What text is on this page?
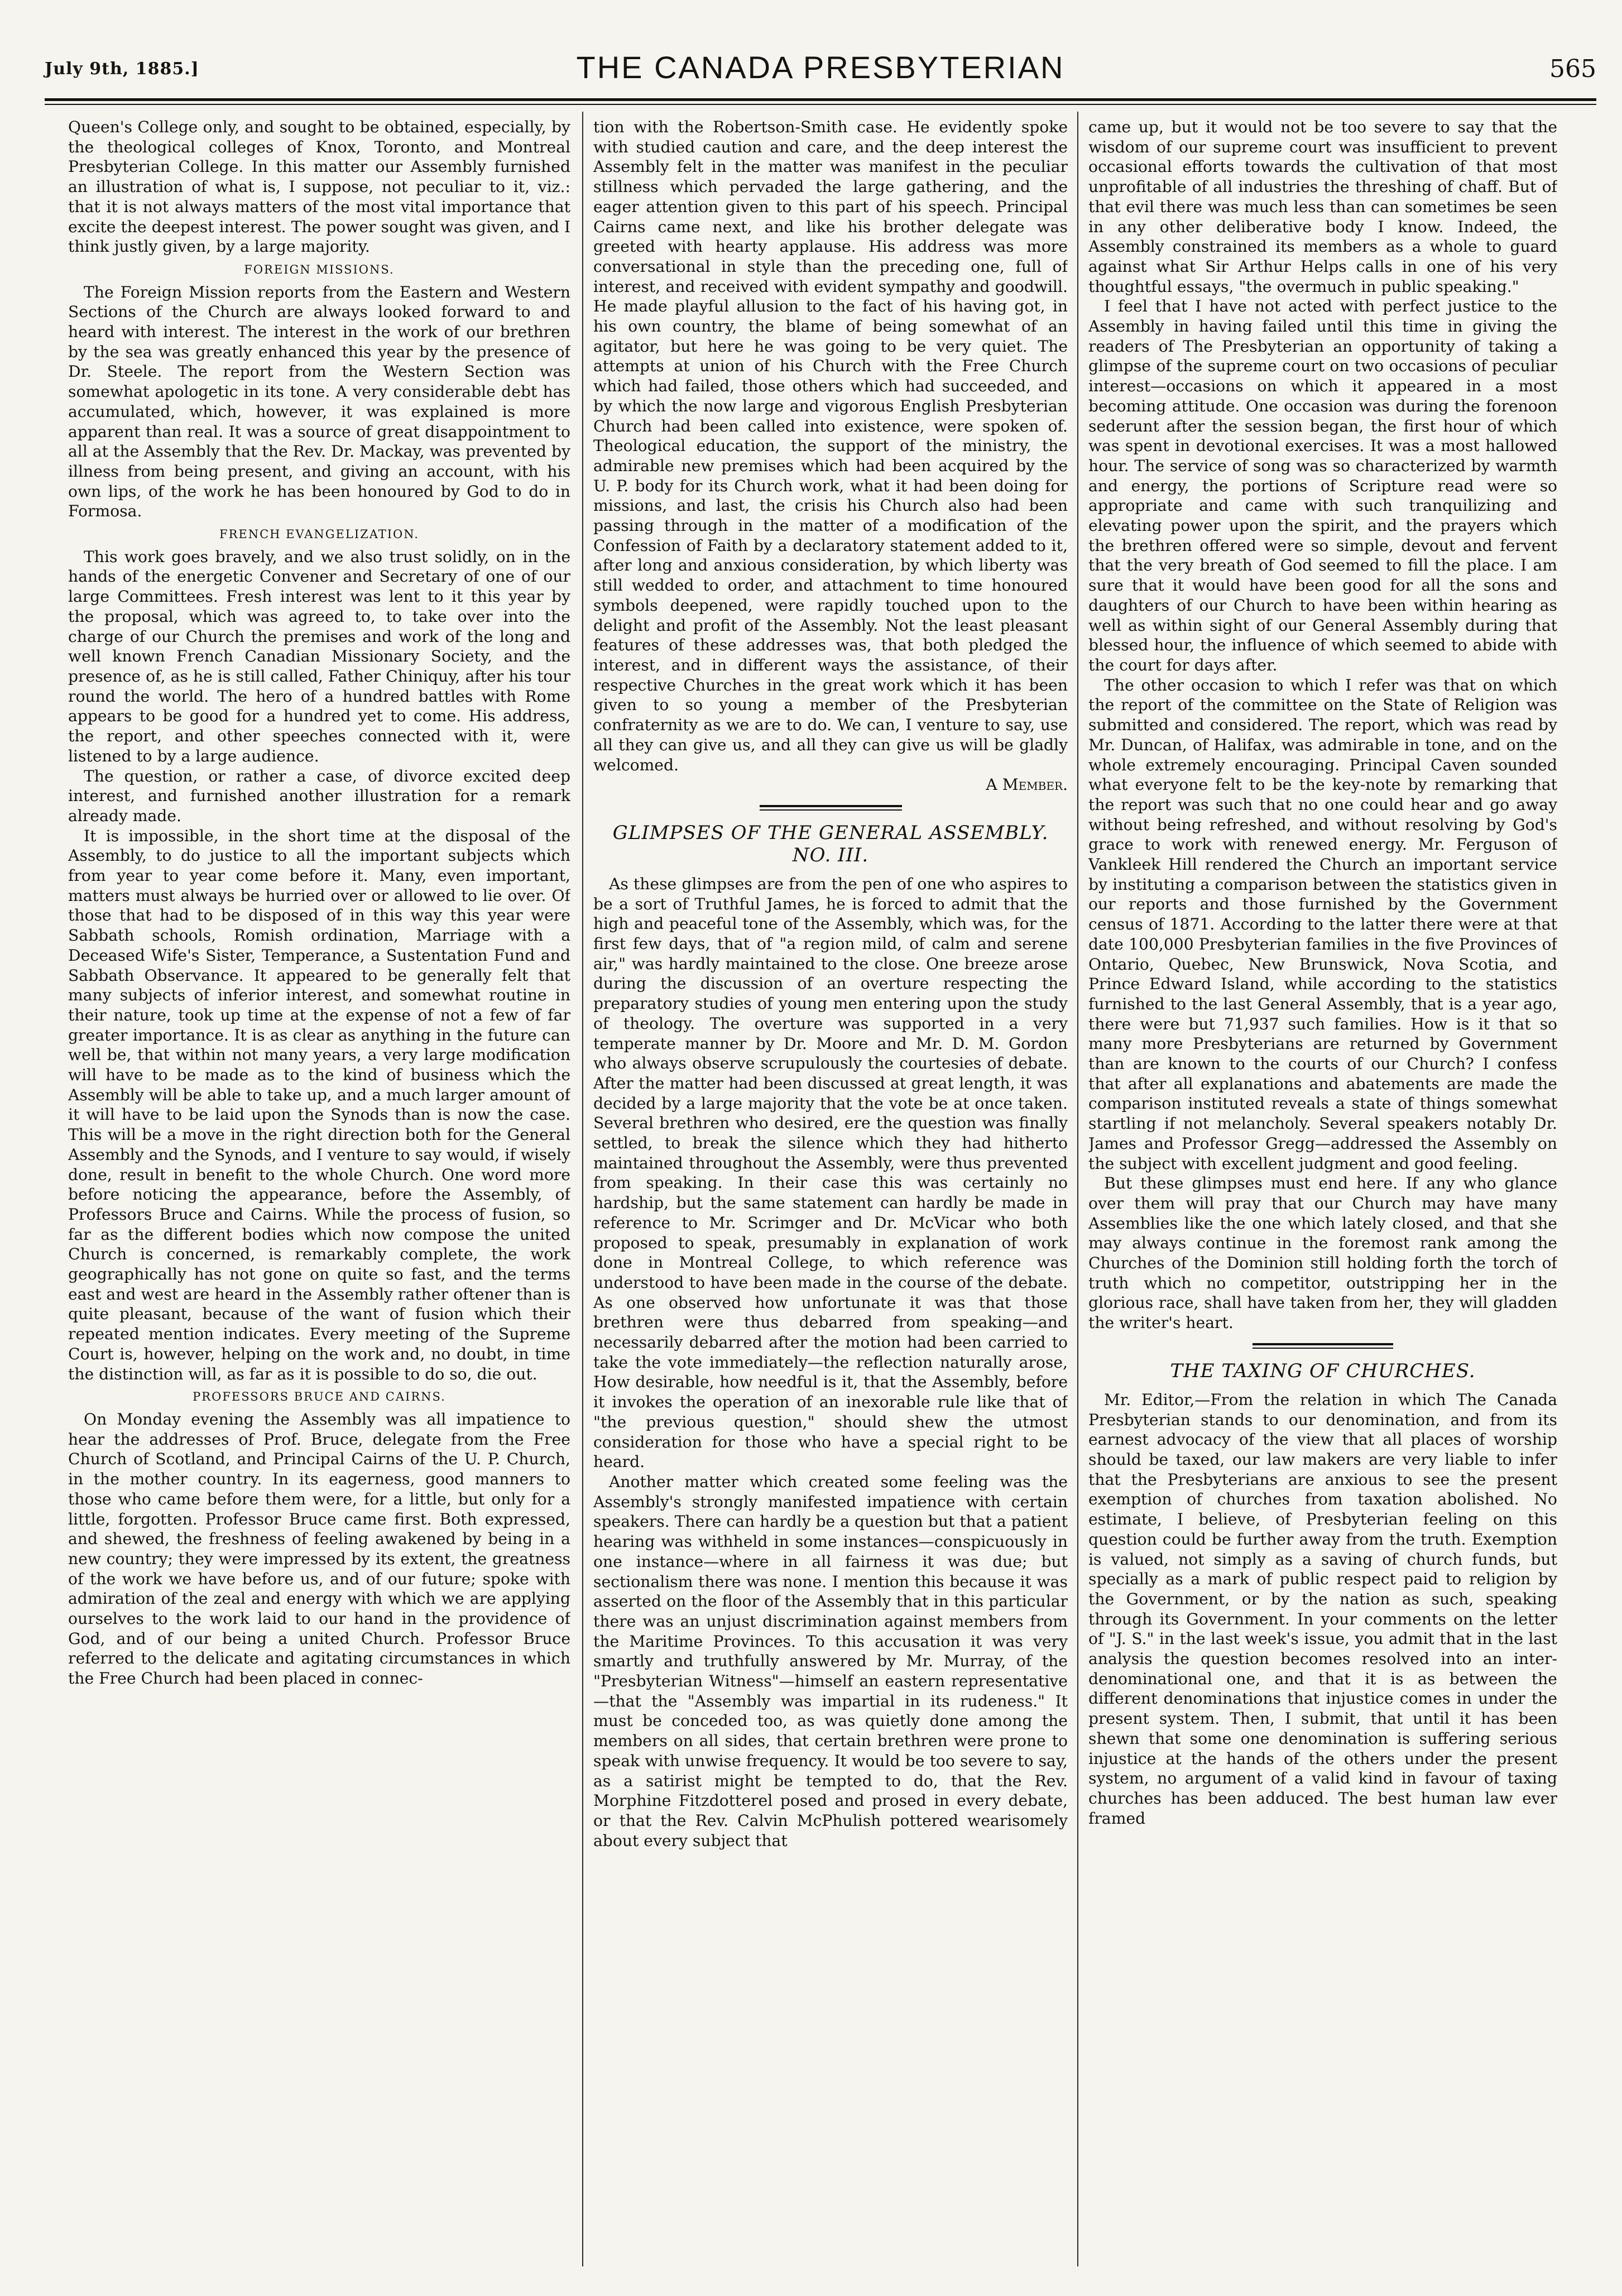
July 9th, 1885.]	THE CANADA PRESBYTERIAN	565

Queen's College only, and sought to be obtained, especially, by the theological colleges of Knox, Toronto, and Montreal Presbyterian College. In this matter our Assembly furnished an illustration of what is, I suppose, not peculiar to it, viz.: that it is not always matters of the most vital importance that excite the deepest interest. The power sought was given, and I think justly given, by a large majority.

FOREIGN MISSIONS.

The Foreign Mission reports from the Eastern and Western Sections of the Church are always looked forward to and heard with interest. The interest in the work of our brethren by the sea was greatly enhanced this year by the presence of Dr. Steele. The report from the Western Section was somewhat apologetic in its tone. A very considerable debt has accumulated, which, however, it was explained is more apparent than real. It was a source of great disappointment to all at the Assembly that the Rev. Dr. Mackay, was prevented by illness from being present, and giving an account, with his own lips, of the work he has been honoured by God to do in Formosa.

FRENCH EVANGELIZATION.

This work goes bravely, and we also trust solidly, on in the hands of the energetic Convener and Secretary of one of our large Committees. Fresh interest was lent to it this year by the proposal, which was agreed to, to take over into the charge of our Church the premises and work of the long and well known French Canadian Missionary Society, and the presence of, as he is still called, Father Chiniquy, after his tour round the world. The hero of a hundred battles with Rome appears to be good for a hundred yet to come. His address, the report, and other speeches connected with it, were listened to by a large audience.

The question, or rather a case, of divorce excited deep interest, and furnished another illustration for a remark already made.

It is impossible, in the short time at the disposal of the Assembly, to do justice to all the important subjects which from year to year come before it. Many, even important, matters must always be hurried over or allowed to lie over. Of those that had to be disposed of in this way this year were Sabbath schools, Romish ordination, Marriage with a Deceased Wife's Sister, Temperance, a Sustentation Fund and Sabbath Observance. It appeared to be generally felt that many subjects of inferior interest, and somewhat routine in their nature, took up time at the expense of not a few of far greater importance. It is as clear as anything in the future can well be, that within not many years, a very large modification will have to be made as to the kind of business which the Assembly will be able to take up, and a much larger amount of it will have to be laid upon the Synods than is now the case. This will be a move in the right direction both for the General Assembly and the Synods, and I venture to say would, if wisely done, result in benefit to the whole Church. One word more before noticing the appearance, before the Assembly, of Professors Bruce and Cairns. While the process of fusion, so far as the different bodies which now compose the united Church is concerned, is remarkably complete, the work geographically has not gone on quite so fast, and the terms east and west are heard in the Assembly rather oftener than is quite pleasant, because of the want of fusion which their repeated mention indicates. Every meeting of the Supreme Court is, however, helping on the work and, no doubt, in time the distinction will, as far as it is possible to do so, die out.

PROFESSORS BRUCE AND CAIRNS.

On Monday evening the Assembly was all impatience to hear the addresses of Prof. Bruce, delegate from the Free Church of Scotland, and Principal Cairns of the U. P. Church, in the mother country. In its eagerness, good manners to those who came before them were, for a little, but only for a little, forgotten. Professor Bruce came first. Both expressed, and shewed, the freshness of feeling awakened by being in a new country; they were impressed by its extent, the greatness of the work we have before us, and of our future; spoke with admiration of the zeal and energy with which we are applying ourselves to the work laid to our hand in the providence of God, and of our being a united Church. Professor Bruce referred to the delicate and agitating circumstances in which the Free Church had been placed in connec-

tion with the Robertson-Smith case. He evidently spoke with studied caution and care, and the deep interest the Assembly felt in the matter was manifest in the peculiar stillness which pervaded the large gathering, and the eager attention given to this part of his speech. Principal Cairns came next, and like his brother delegate was greeted with hearty applause. His address was more conversational in style than the preceding one, full of interest, and received with evident sympathy and goodwill. He made playful allusion to the fact of his having got, in his own country, the blame of being somewhat of an agitator, but here he was going to be very quiet. The attempts at union of his Church with the Free Church which had failed, those others which had succeeded, and by which the now large and vigorous English Presbyterian Church had been called into existence, were spoken of. Theological education, the support of the ministry, the admirable new premises which had been acquired by the U. P. body for its Church work, what it had been doing for missions, and last, the crisis his Church also had been passing through in the matter of a modification of the Confession of Faith by a declaratory statement added to it, after long and anxious consideration, by which liberty was still wedded to order, and attachment to time honoured symbols deepened, were rapidly touched upon to the delight and profit of the Assembly. Not the least pleasant features of these addresses was, that both pledged the interest, and in different ways the assistance, of their respective Churches in the great work which it has been given to so young a member of the Presbyterian confraternity as we are to do. We can, I venture to say, use all they can give us, and all they can give us will be gladly welcomed.

A Member.
GLIMPSES OF THE GENERAL ASSEMBLY.
NO. III.

As these glimpses are from the pen of one who aspires to be a sort of Truthful James, he is forced to admit that the high and peaceful tone of the Assembly, which was, for the first few days, that of "a region mild, of calm and serene air," was hardly maintained to the close. One breeze arose during the discussion of an overture respecting the preparatory studies of young men entering upon the study of theology. The overture was supported in a very temperate manner by Dr. Moore and Mr. D. M. Gordon who always observe scrupulously the courtesies of debate. After the matter had been discussed at great length, it was decided by a large majority that the vote be at once taken. Several brethren who desired, ere the question was finally settled, to break the silence which they had hitherto maintained throughout the Assembly, were thus prevented from speaking. In their case this was certainly no hardship, but the same statement can hardly be made in reference to Mr. Scrimger and Dr. McVicar who both proposed to speak, presumably in explanation of work done in Montreal College, to which reference was understood to have been made in the course of the debate. As one observed how unfortunate it was that those brethren were thus debarred from speaking—and necessarily debarred after the motion had been carried to take the vote immediately—the reflection naturally arose, How desirable, how needful is it, that the Assembly, before it invokes the operation of an inexorable rule like that of "the previous question," should shew the utmost consideration for those who have a special right to be heard.

Another matter which created some feeling was the Assembly's strongly manifested impatience with certain speakers. There can hardly be a question but that a patient hearing was withheld in some instances—conspicuously in one instance—where in all fairness it was due; but sectionalism there was none. I mention this because it was asserted on the floor of the Assembly that in this particular there was an unjust discrimination against members from the Maritime Provinces. To this accusation it was very smartly and truthfully answered by Mr. Murray, of the "Presbyterian Witness"—himself an eastern representative—that the "Assembly was impartial in its rudeness." It must be conceded too, as was quietly done among the members on all sides, that certain brethren were prone to speak with unwise frequency. It would be too severe to say, as a satirist might be tempted to do, that the Rev. Morphine Fitzdotterel posed and prosed in every debate, or that the Rev. Calvin McPhulish pottered wearisomely about every subject that

came up, but it would not be too severe to say that the wisdom of our supreme court was insufficient to prevent occasional efforts towards the cultivation of that most unprofitable of all industries the threshing of chaff. But of that evil there was much less than can sometimes be seen in any other deliberative body I know. Indeed, the Assembly constrained its members as a whole to guard against what Sir Arthur Helps calls in one of his very thoughtful essays, "the overmuch in public speaking."

I feel that I have not acted with perfect justice to the Assembly in having failed until this time in giving the readers of The Presbyterian an opportunity of taking a glimpse of the supreme court on two occasions of peculiar interest—occasions on which it appeared in a most becoming attitude. One occasion was during the forenoon sederunt after the session began, the first hour of which was spent in devotional exercises. It was a most hallowed hour. The service of song was so characterized by warmth and energy, the portions of Scripture read were so appropriate and came with such tranquilizing and elevating power upon the spirit, and the prayers which the brethren offered were so simple, devout and fervent that the very breath of God seemed to fill the place. I am sure that it would have been good for all the sons and daughters of our Church to have been within hearing as well as within sight of our General Assembly during that blessed hour, the influence of which seemed to abide with the court for days after.

The other occasion to which I refer was that on which the report of the committee on the State of Religion was submitted and considered. The report, which was read by Mr. Duncan, of Halifax, was admirable in tone, and on the whole extremely encouraging. Principal Caven sounded what everyone felt to be the key-note by remarking that the report was such that no one could hear and go away without being refreshed, and without resolving by God's grace to work with renewed energy. Mr. Ferguson of Vankleek Hill rendered the Church an important service by instituting a comparison between the statistics given in our reports and those furnished by the Government census of 1871. According to the latter there were at that date 100,000 Presbyterian families in the five Provinces of Ontario, Quebec, New Brunswick, Nova Scotia, and Prince Edward Island, while according to the statistics furnished to the last General Assembly, that is a year ago, there were but 71,937 such families. How is it that so many more Presbyterians are returned by Government than are known to the courts of our Church? I confess that after all explanations and abatements are made the comparison instituted reveals a state of things somewhat startling if not melancholy. Several speakers notably Dr. James and Professor Gregg—addressed the Assembly on the subject with excellent judgment and good feeling.

But these glimpses must end here. If any who glance over them will pray that our Church may have many Assemblies like the one which lately closed, and that she may always continue in the foremost rank among the Churches of the Dominion still holding forth the torch of truth which no competitor, outstripping her in the glorious race, shall have taken from her, they will gladden the writer's heart.

THE TAXING OF CHURCHES.

Mr. Editor,—From the relation in which The Canada Presbyterian stands to our denomination, and from its earnest advocacy of the view that all places of worship should be taxed, our law makers are very liable to infer that the Presbyterians are anxious to see the present exemption of churches from taxation abolished. No estimate, I believe, of Presbyterian feeling on this question could be further away from the truth. Exemption is valued, not simply as a saving of church funds, but specially as a mark of public respect paid to religion by the Government, or by the nation as such, speaking through its Government. In your comments on the letter of "J. S." in the last week's issue, you admit that in the last analysis the question becomes resolved into an inter-denominational one, and that it is as between the different denominations that injustice comes in under the present system. Then, I submit, that until it has been shewn that some one denomination is suffering serious injustice at the hands of the others under the present system, no argument of a valid kind in favour of taxing churches has been adduced. The best human law ever framed
